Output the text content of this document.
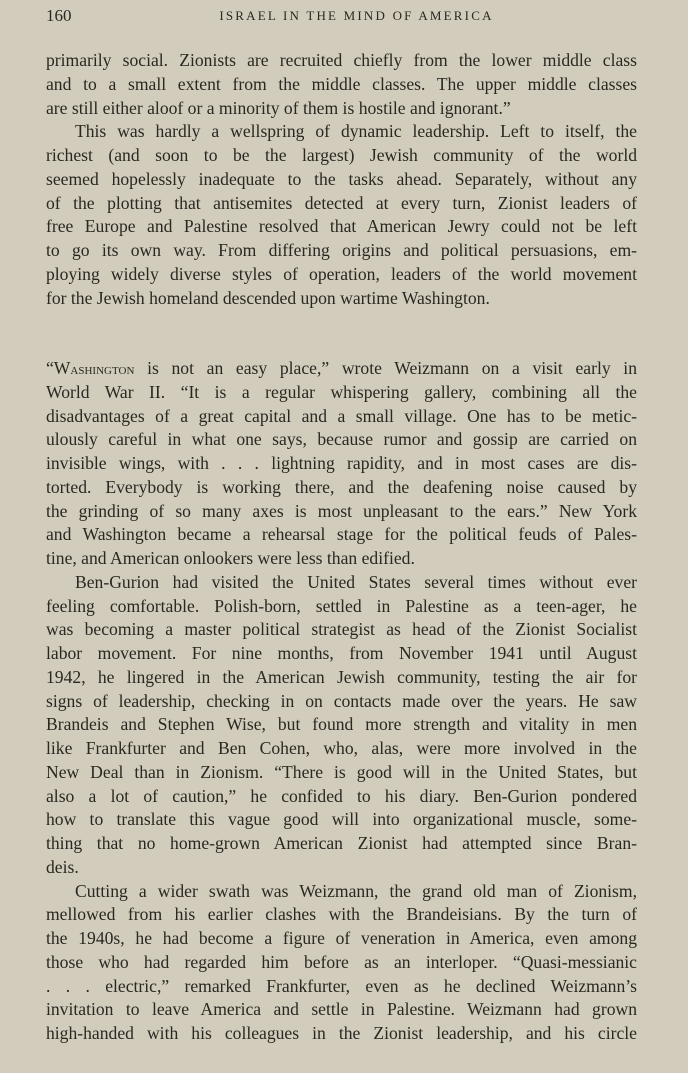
160	ISRAEL IN THE MIND OF AMERICA
primarily social. Zionists are recruited chiefly from the lower middle class
and to a small extent from the middle classes. The upper middle classes
are still either aloof or a minority of them is hostile and ignorant.”
This was hardly a wellspring of dynamic leadership. Left to itself, the
richest (and soon to be the largest) Jewish community of the world
seemed hopelessly inadequate to the tasks ahead. Separately, without any
of the plotting that antisemites detected at every turn, Zionist leaders of
free Europe and Palestine resolved that American Jewry could not be left
to go its own way. From differing origins and political persuasions, em-
ploying widely diverse styles of operation, leaders of the world movement
for the Jewish homeland descended upon wartime Washington.
“Washington is not an easy place,” wrote Weizmann on a visit early in
World War II. “It is a regular whispering gallery, combining all the
disadvantages of a great capital and a small village. One has to be metic-
ulously careful in what one says, because rumor and gossip are carried on
invisible wings, with . . . lightning rapidity, and in most cases are dis-
torted. Everybody is working there, and the deafening noise caused by
the grinding of so many axes is most unpleasant to the ears.” New York
and Washington became a rehearsal stage for the political feuds of Pales-
tine, and American onlookers were less than edified.
Ben-Gurion had visited the United States several times without ever
feeling comfortable. Polish-born, settled in Palestine as a teen-ager, he
was becoming a master political strategist as head of the Zionist Socialist
labor movement. For nine months, from November 1941 until August
1942, he lingered in the American Jewish community, testing the air for
signs of leadership, checking in on contacts made over the years. He saw
Brandeis and Stephen Wise, but found more strength and vitality in men
like Frankfurter and Ben Cohen, who, alas, were more involved in the
New Deal than in Zionism. “There is good will in the United States, but
also a lot of caution,” he confided to his diary. Ben-Gurion pondered
how to translate this vague good will into organizational muscle, some-
thing that no home-grown American Zionist had attempted since Bran-
deis.
Cutting a wider swath was Weizmann, the grand old man of Zionism,
mellowed from his earlier clashes with the Brandeisians. By the turn of
the 1940s, he had become a figure of veneration in America, even among
those who had regarded him before as an interloper. “Quasi-messianic
. . . electric,” remarked Frankfurter, even as he declined Weizmann’s
invitation to leave America and settle in Palestine. Weizmann had grown
high-handed with his colleagues in the Zionist leadership, and his circle
